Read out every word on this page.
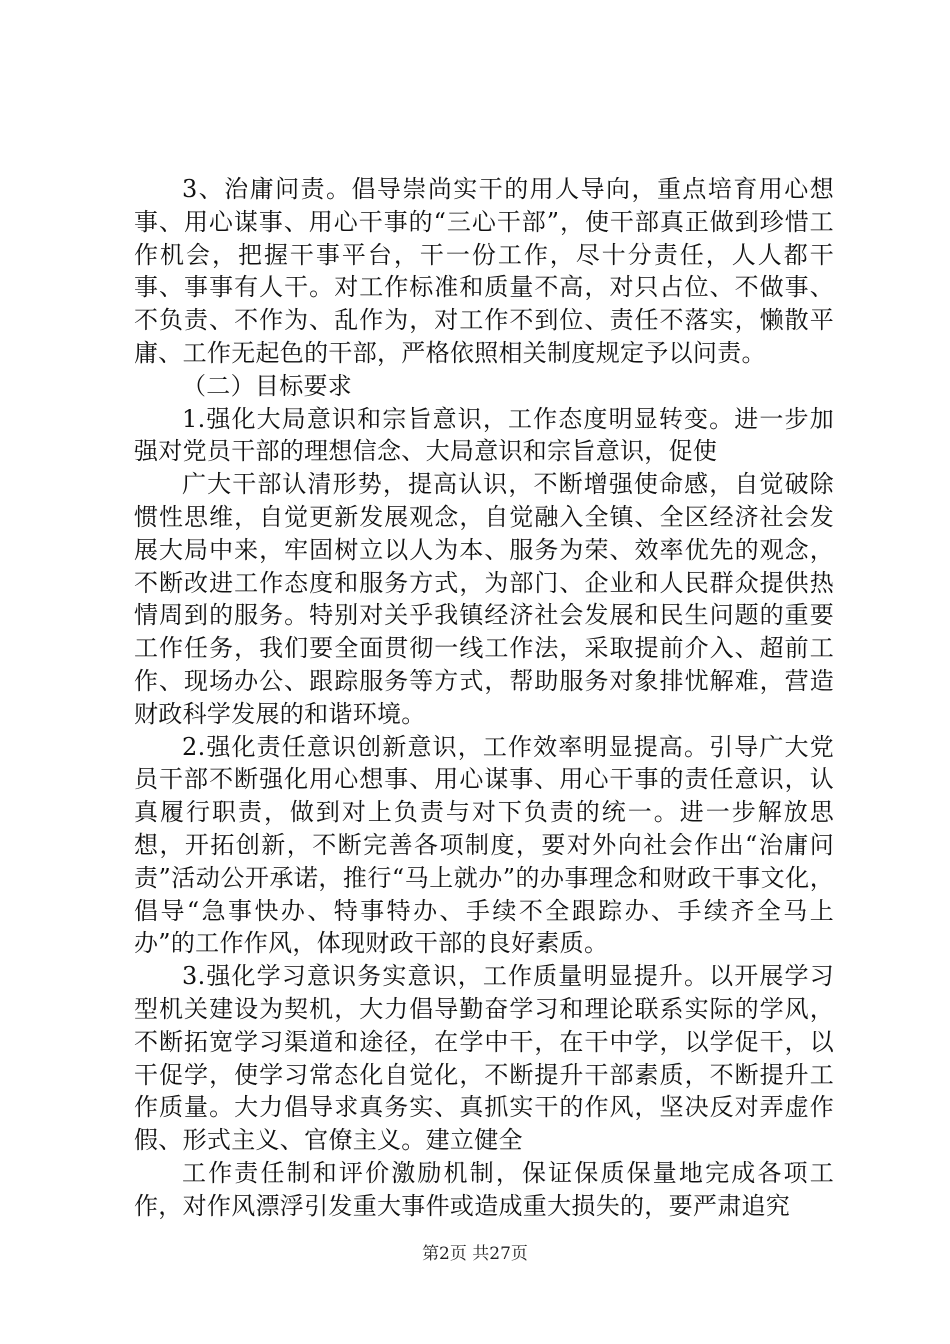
3、治庸问责。倡导崇尚实干的用人导向，重点培育用心想事、用心谋事、用心干事的“三心干部”，使干部真正做到珍惜工作机会，把握干事平台，干一份工作，尽十分责任，人人都干事、事事有人干。对工作标准和质量不高，对只占位、不做事、不负责、不作为、乱作为，对工作不到位、责任不落实，懒散平庸、工作无起色的干部，严格依照相关制度规定予以问责。

（二）目标要求

1.强化大局意识和宗旨意识，工作态度明显转变。进一步加强对党员干部的理想信念、大局意识和宗旨意识，促使

广大干部认清形势，提高认识，不断增强使命感，自觉破除惯性思维，自觉更新发展观念，自觉融入全镇、全区经济社会发展大局中来，牢固树立以人为本、服务为荣、效率优先的观念，不断改进工作态度和服务方式，为部门、企业和人民群众提供热情周到的服务。特别对关乎我镇经济社会发展和民生问题的重要工作任务，我们要全面贯彻一线工作法，采取提前介入、超前工作、现场办公、跟踪服务等方式，帮助服务对象排忧解难，营造财政科学发展的和谐环境。

2.强化责任意识创新意识，工作效率明显提高。引导广大党员干部不断强化用心想事、用心谋事、用心干事的责任意识，认真履行职责，做到对上负责与对下负责的统一。进一步解放思想，开拓创新，不断完善各项制度，要对外向社会作出“治庸问责”活动公开承诺，推行“马上就办”的办事理念和财政干事文化，倡导“急事快办、特事特办、手续不全跟踪办、手续齐全马上办”的工作作风，体现财政干部的良好素质。

3.强化学习意识务实意识，工作质量明显提升。以开展学习型机关建设为契机，大力倡导勤奋学习和理论联系实际的学风，不断拓宽学习渠道和途径，在学中干，在干中学，以学促干，以干促学，使学习常态化自觉化，不断提升干部素质，不断提升工作质量。大力倡导求真务实、真抓实干的作风，坚决反对弄虚作假、形式主义、官僚主义。建立健全

工作责任制和评价激励机制，保证保质保量地完成各项工作，对作风漂浮引发重大事件或造成重大损失的，要严肃追究

第2页 共27页
